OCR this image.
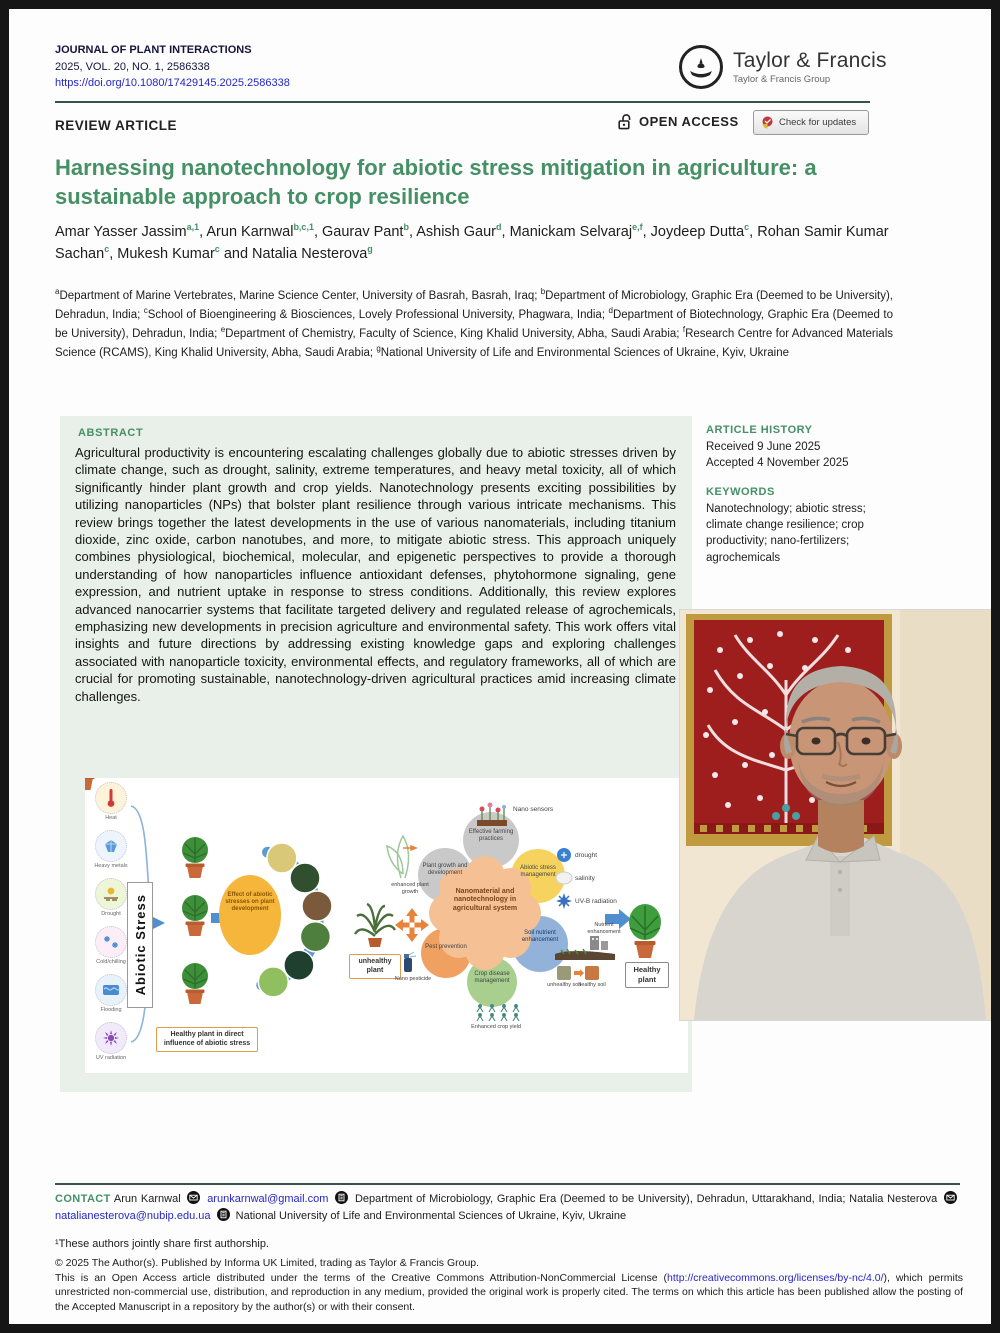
JOURNAL OF PLANT INTERACTIONS
2025, VOL. 20, NO. 1, 2586338
https://doi.org/10.1080/17429145.2025.2586338
Taylor & Francis
Taylor & Francis Group
REVIEW ARTICLE	OPEN ACCESS	Check for updates
Harnessing nanotechnology for abiotic stress mitigation in agriculture: a sustainable approach to crop resilience
Amar Yasser Jassim$^{a,1}$, Arun Karnwal$^{b,c,1}$, Gaurav Pant$^b$, Ashish Gaur$^d$, Manickam Selvaraj$^{e,f}$, Joydeep Dutta$^c$, Rohan Samir Kumar Sachan$^c$, Mukesh Kumar$^c$ and Natalia Nesterova$^g$
$^a$Department of Marine Vertebrates, Marine Science Center, University of Basrah, Basrah, Iraq; $^b$Department of Microbiology, Graphic Era (Deemed to be University), Dehradun, India; $^c$School of Bioengineering & Biosciences, Lovely Professional University, Phagwara, India; $^d$Department of Biotechnology, Graphic Era (Deemed to be University), Dehradun, India; $^e$Department of Chemistry, Faculty of Science, King Khalid University, Abha, Saudi Arabia; $^f$Research Centre for Advanced Materials Science (RCAMS), King Khalid University, Abha, Saudi Arabia; $^g$National University of Life and Environmental Sciences of Ukraine, Kyiv, Ukraine
ABSTRACT
Agricultural productivity is encountering escalating challenges globally due to abiotic stresses driven by climate change, such as drought, salinity, extreme temperatures, and heavy metal toxicity, all of which significantly hinder plant growth and crop yields. Nanotechnology presents exciting possibilities by utilizing nanoparticles (NPs) that bolster plant resilience through various intricate mechanisms. This review brings together the latest developments in the use of various nanomaterials, including titanium dioxide, zinc oxide, carbon nanotubes, and more, to mitigate abiotic stress. This approach uniquely combines physiological, biochemical, molecular, and epigenetic perspectives to provide a thorough understanding of how nanoparticles influence antioxidant defenses, phytohormone signaling, gene expression, and nutrient uptake in response to stress conditions. Additionally, this review explores advanced nanocarrier systems that facilitate targeted delivery and regulated release of agrochemicals, emphasizing new developments in precision agriculture and environmental safety. This work offers vital insights and future directions by addressing existing knowledge gaps and exploring challenges associated with nanoparticle toxicity, environmental effects, and regulatory frameworks, all of which are crucial for promoting sustainable, nanotechnology-driven agricultural practices amid increasing climate challenges.

ARTICLE HISTORY

Received 9 June 2025
Accepted 4 November 2025

KEYWORDS

Nanotechnology; abiotic stress; climate change resilience; crop productivity; nano-fertilizers; agrochemicals

Heat
Heavy metals
Drought
Cold/chilling
Flooding
UV radiation
Abiotic Stress	Effect of abiotic stresses on plant development
unhealthy plant
enhanced plant growth
Nano pesticide
Pest prevention
Plant growth and development
Effective farming practices
Nano sensors
Nanomaterial and nanotechnology in agricultural system
Abiotic stress management
drought
salinity
UV-B radiation
Soil nutrient enhancement
Nutrient enhancement
unhealthy soil
healthy soil
Crop disease management
Enhanced crop yield
Healthy plant
Healthy plant in direct influence of abiotic stress
CONTACT Arun Karnwal arunkarnwal@gmail.com Department of Microbiology, Graphic Era (Deemed to be University), Dehradun, Uttarakhand, India; Natalia Nesterova  natalianesterova@nubip.edu.ua National University of Life and Environmental Sciences of Ukraine, Kyiv, Ukraine
¹These authors jointly share first authorship.
© 2025 The Author(s). Published by Informa UK Limited, trading as Taylor & Francis Group.
This is an Open Access article distributed under the terms of the Creative Commons Attribution-NonCommercial License (http://creativecommons.org/licenses/by-nc/4.0/), which permits unrestricted non-commercial use, distribution, and reproduction in any medium, provided the original work is properly cited. The terms on which this article has been published allow the posting of the Accepted Manuscript in a repository by the author(s) or with their consent.
